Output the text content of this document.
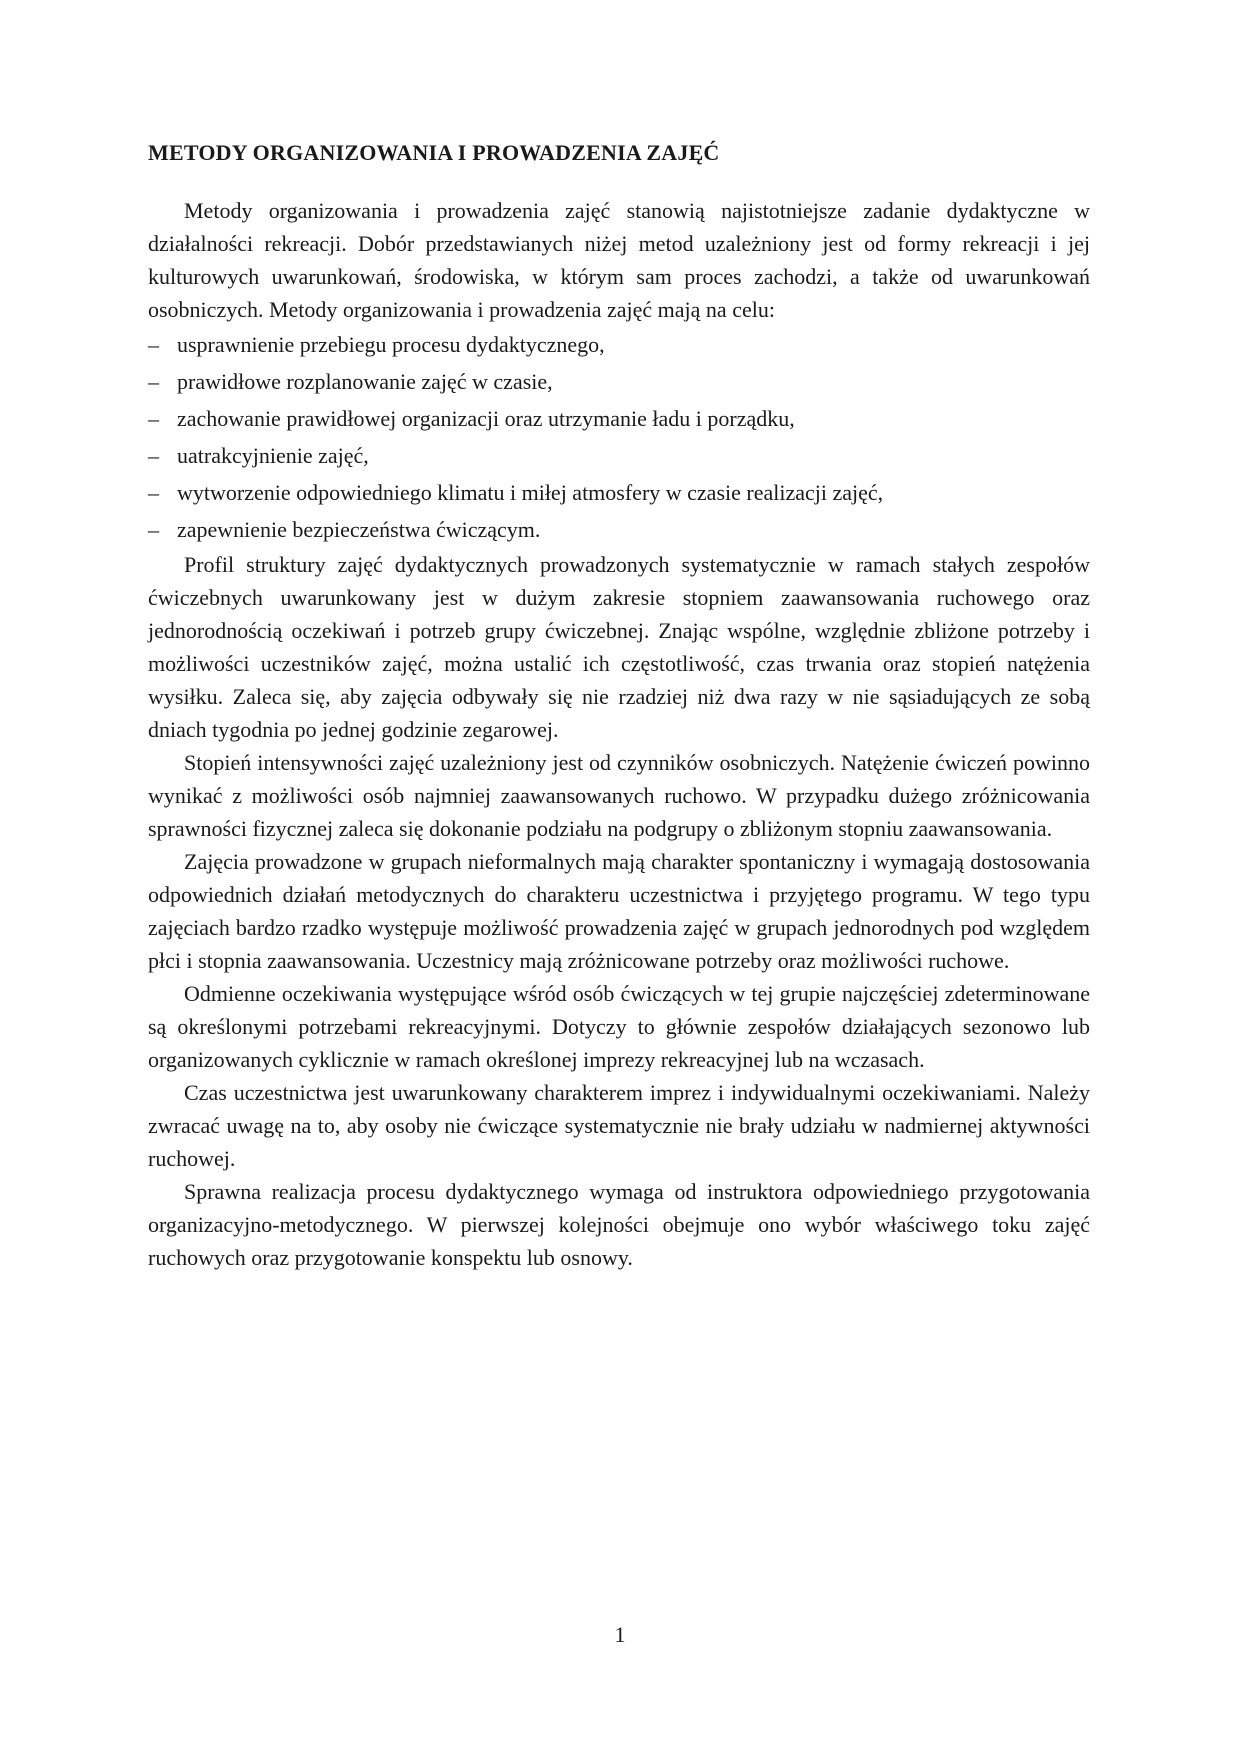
METODY ORGANIZOWANIA I PROWADZENIA ZAJĘĆ

Metody organizowania i prowadzenia zajęć stanowią najistotniejsze zadanie dydaktyczne w działalności rekreacji. Dobór przedstawianych niżej metod uzależniony jest od formy rekreacji i jej kulturowych uwarunkowań, środowiska, w którym sam proces zachodzi, a także od uwarunkowań osobniczych. Metody organizowania i prowadzenia zajęć mają na celu:

– usprawnienie przebiegu procesu dydaktycznego,
– prawidłowe rozplanowanie zajęć w czasie,
– zachowanie prawidłowej organizacji oraz utrzymanie ładu i porządku,
– uatrakcyjnienie zajęć,
– wytworzenie odpowiedniego klimatu i miłej atmosfery w czasie realizacji zajęć,
– zapewnienie bezpieczeństwa ćwiczącym.

Profil struktury zajęć dydaktycznych prowadzonych systematycznie w ramach stałych zespołów ćwiczebnych uwarunkowany jest w dużym zakresie stopniem zaawansowania ruchowego oraz jednorodnością oczekiwań i potrzeb grupy ćwiczebnej. Znając wspólne, względnie zbliżone potrzeby i możliwości uczestników zajęć, można ustalić ich częstotliwość, czas trwania oraz stopień natężenia wysiłku. Zaleca się, aby zajęcia odbywały się nie rzadziej niż dwa razy w nie sąsiadujących ze sobą dniach tygodnia po jednej godzinie zegarowej.

Stopień intensywności zajęć uzależniony jest od czynników osobniczych. Natężenie ćwiczeń powinno wynikać z możliwości osób najmniej zaawansowanych ruchowo. W przypadku dużego zróżnicowania sprawności fizycznej zaleca się dokonanie podziału na podgrupy o zbliżonym stopniu zaawansowania.

Zajęcia prowadzone w grupach nieformalnych mają charakter spontaniczny i wymagają dostosowania odpowiednich działań metodycznych do charakteru uczestnictwa i przyjętego programu. W tego typu zajęciach bardzo rzadko występuje możliwość prowadzenia zajęć w grupach jednorodnych pod względem płci i stopnia zaawansowania. Uczestnicy mają zróżnicowane potrzeby oraz możliwości ruchowe.

Odmienne oczekiwania występujące wśród osób ćwiczących w tej grupie najczęściej zdeterminowane są określonymi potrzebami rekreacyjnymi. Dotyczy to głównie zespołów działających sezonowo lub organizowanych cyklicznie w ramach określonej imprezy rekreacyjnej lub na wczasach.

Czas uczestnictwa jest uwarunkowany charakterem imprez i indywidualnymi oczekiwaniami. Należy zwracać uwagę na to, aby osoby nie ćwiczące systematycznie nie brały udziału w nadmiernej aktywności ruchowej.

Sprawna realizacja procesu dydaktycznego wymaga od instruktora odpowiedniego przygotowania organizacyjno-metodycznego. W pierwszej kolejności obejmuje ono wybór właściwego toku zajęć ruchowych oraz przygotowanie konspektu lub osnowy.

1
